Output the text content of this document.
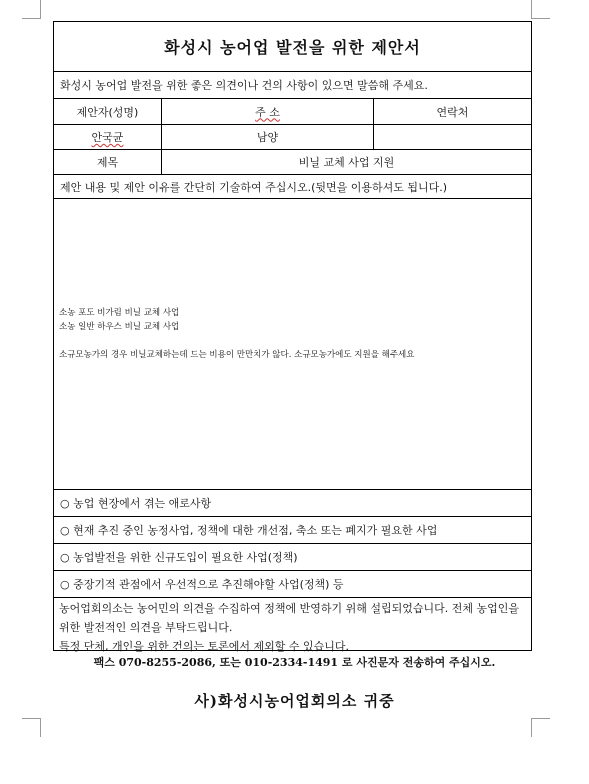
화성시 농어업 발전을 위한 제안서
화성시 농어업 발전을 위한 좋은 의견이나 건의 사항이 있으면 말씀해 주세요.
제안자(성명)	주 소	연락처
안국균	남양
제목	비닐 교체 사업 지원
제안 내용 및 제안 이유를 간단히 기술하여 주십시오.(뒷면을 이용하셔도 됩니다.)
소농 포도 비가림 비닐 교체 사업
소농 일반 하우스 비닐 교체 사업
소규모농가의 경우 비닐교체하는데 드는 비용이 만만치가 않다. 소규모농가에도 지원을 해주세요
○ 농업 현장에서 겪는 애로사항
○ 현재 추진 중인 농정사업, 정책에 대한 개선점, 축소 또는 폐지가 필요한 사업
○ 농업발전을 위한 신규도입이 필요한 사업(정책)
○ 중장기적 관점에서 우선적으로 추진해야할 사업(정책) 등
농어업회의소는 농어민의 의견을 수집하여 정책에 반영하기 위해 설립되었습니다. 전체 농업인을 위한 발전적인 의견을 부탁드립니다.
특정 단체, 개인을 위한 건의는 토론에서 제외할 수 있습니다.
팩스 070-8255-2086, 또는 010-2334-1491 로 사진문자 전송하여 주십시오.
사)화성시농어업회의소 귀중
